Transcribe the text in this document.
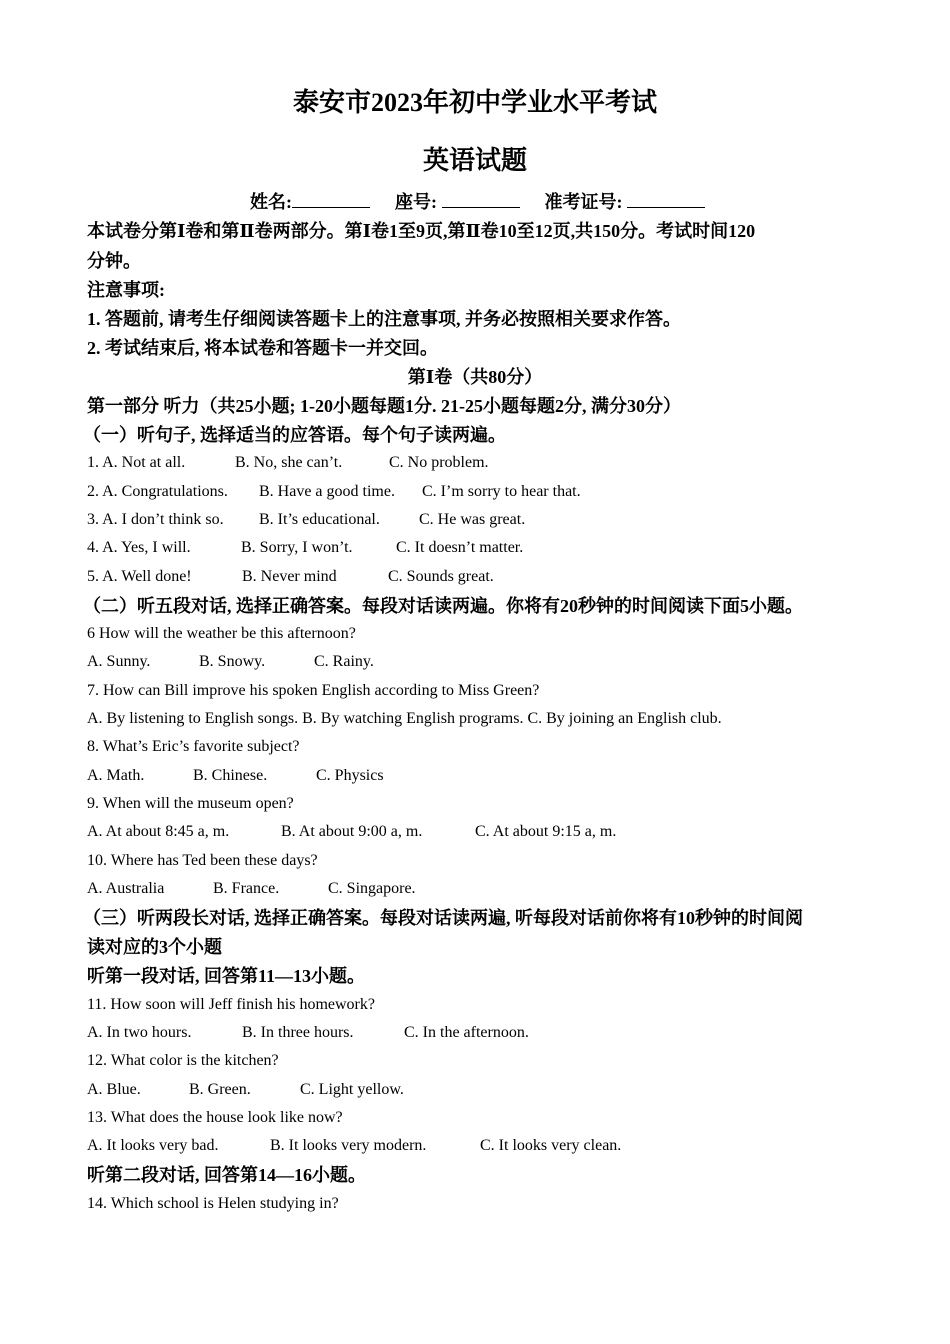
泰安市2023年初中学业水平考试
英语试题
姓名:	座号:	准考证号:
本试卷分第Ⅰ卷和第Ⅱ卷两部分。第Ⅰ卷1至9页,第Ⅱ卷10至12页,共150分。考试时间120
分钟。
注意事项:
1. 答题前, 请考生仔细阅读答题卡上的注意事项, 并务必按照相关要求作答。
2. 考试结束后, 将本试卷和答题卡一并交回。
第Ⅰ卷（共80分）
第一部分 听力（共25小题; 1-20小题每题1分. 21-25小题每题2分, 满分30分）
（一）听句子, 选择适当的应答语。每个句子读两遍。
1. A. Not at all.	B. No, she can’t.	C. No problem.
2. A. Congratulations. B. Have a good time. C. I’m sorry to hear that.
3. A. I don’t think so. B. It’s educational. C. He was great.
4. A. Yes, I will.	B. Sorry, I won’t.	C. It doesn’t matter.
5. A. Well done!	B. Never mind	C. Sounds great.
（二）听五段对话, 选择正确答案。每段对话读两遍。你将有20秒钟的时间阅读下面5小题。
6 How will the weather be this afternoon?
A. Sunny.	B. Snowy.	C. Rainy.
7. How can Bill improve his spoken English according to Miss Green?
A. By listening to English songs. B. By watching English programs. C. By joining an English club.
8. What’s Eric’s favorite subject?
A. Math.	B. Chinese.	C. Physics
9. When will the museum open?
A. At about 8:45 a, m.	B. At about 9:00 a, m.	C. At about 9:15 a, m.
10. Where has Ted been these days?
A. Australia	B. France.	C. Singapore.
（三）听两段长对话, 选择正确答案。每段对话读两遍, 听每段对话前你将有10秒钟的时间阅
读对应的3个小题
听第一段对话, 回答第11—13小题。
11. How soon will Jeff finish his homework?
A. In two hours.	B. In three hours.	C. In the afternoon.
12. What color is the kitchen?
A. Blue.	B. Green.	C. Light yellow.
13. What does the house look like now?
A. It looks very bad.	B. It looks very modern.	C. It looks very clean.
听第二段对话, 回答第14—16小题。
14. Which school is Helen studying in?
